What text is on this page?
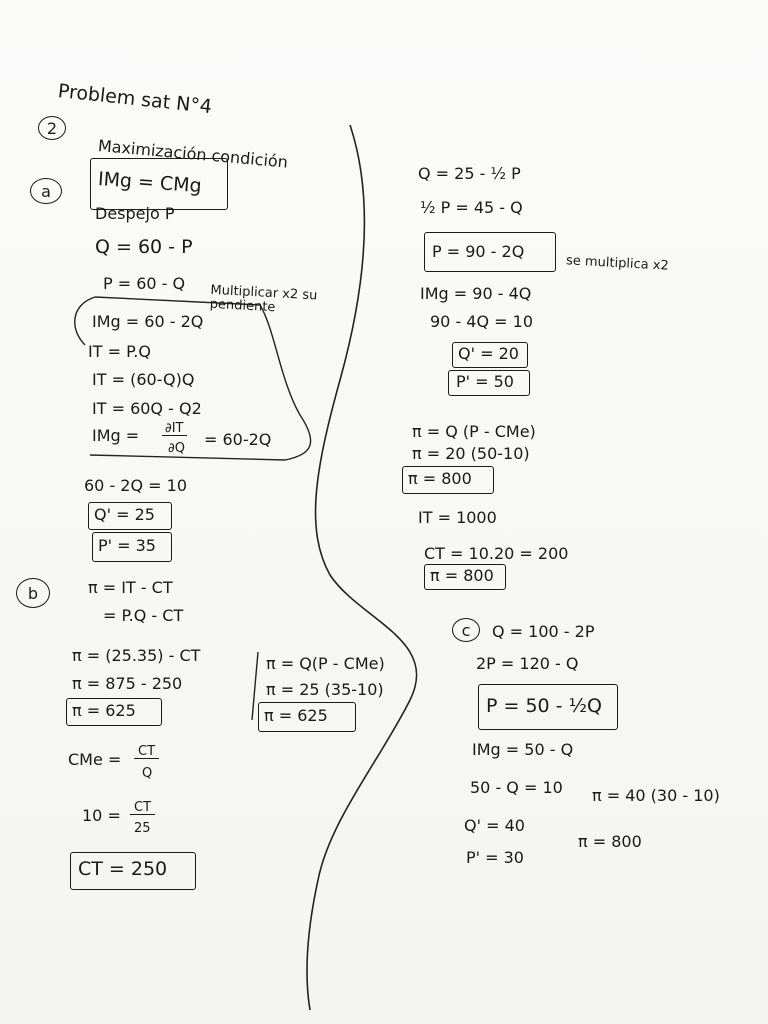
Problem sat N°4
2
Maximización condición
a	IMg = CMg
Despejo P
Q = 60 - P
P = 60 - Q Multiplicar x2 su pendiente
IMg = 60 - 2Q
IT = P.Q
IT = (60-Q)Q
IT = 60Q - Q2
IMg = ∂IT
∂Q = 60-2Q
60 - 2Q = 10
Q' = 25
P' = 35
b	π = IT - CT
= P.Q - CT
π = (25.35) - CT
π = 875 - 250
π = 625
π = Q(P - CMe)
π = 25 (35-10)
π = 625
CMe =	CT
Q
10 =	CT
25
CT = 250
Q = 25 - ½ P
½ P = 45 - Q
P = 90 - 2Q
se multiplica x2
IMg = 90 - 4Q
90 - 4Q = 10
Q' = 20
P' = 50
π = Q (P - CMe)
π = 20 (50-10)
π = 800
IT = 1000
CT = 10.20 = 200
π = 800
c	Q = 100 - 2P
2P = 120 - Q
P = 50 - ½Q
IMg = 50 - Q
50 - Q = 10 π = 40 (30 - 10)
Q' = 40
π = 800
P' = 30
